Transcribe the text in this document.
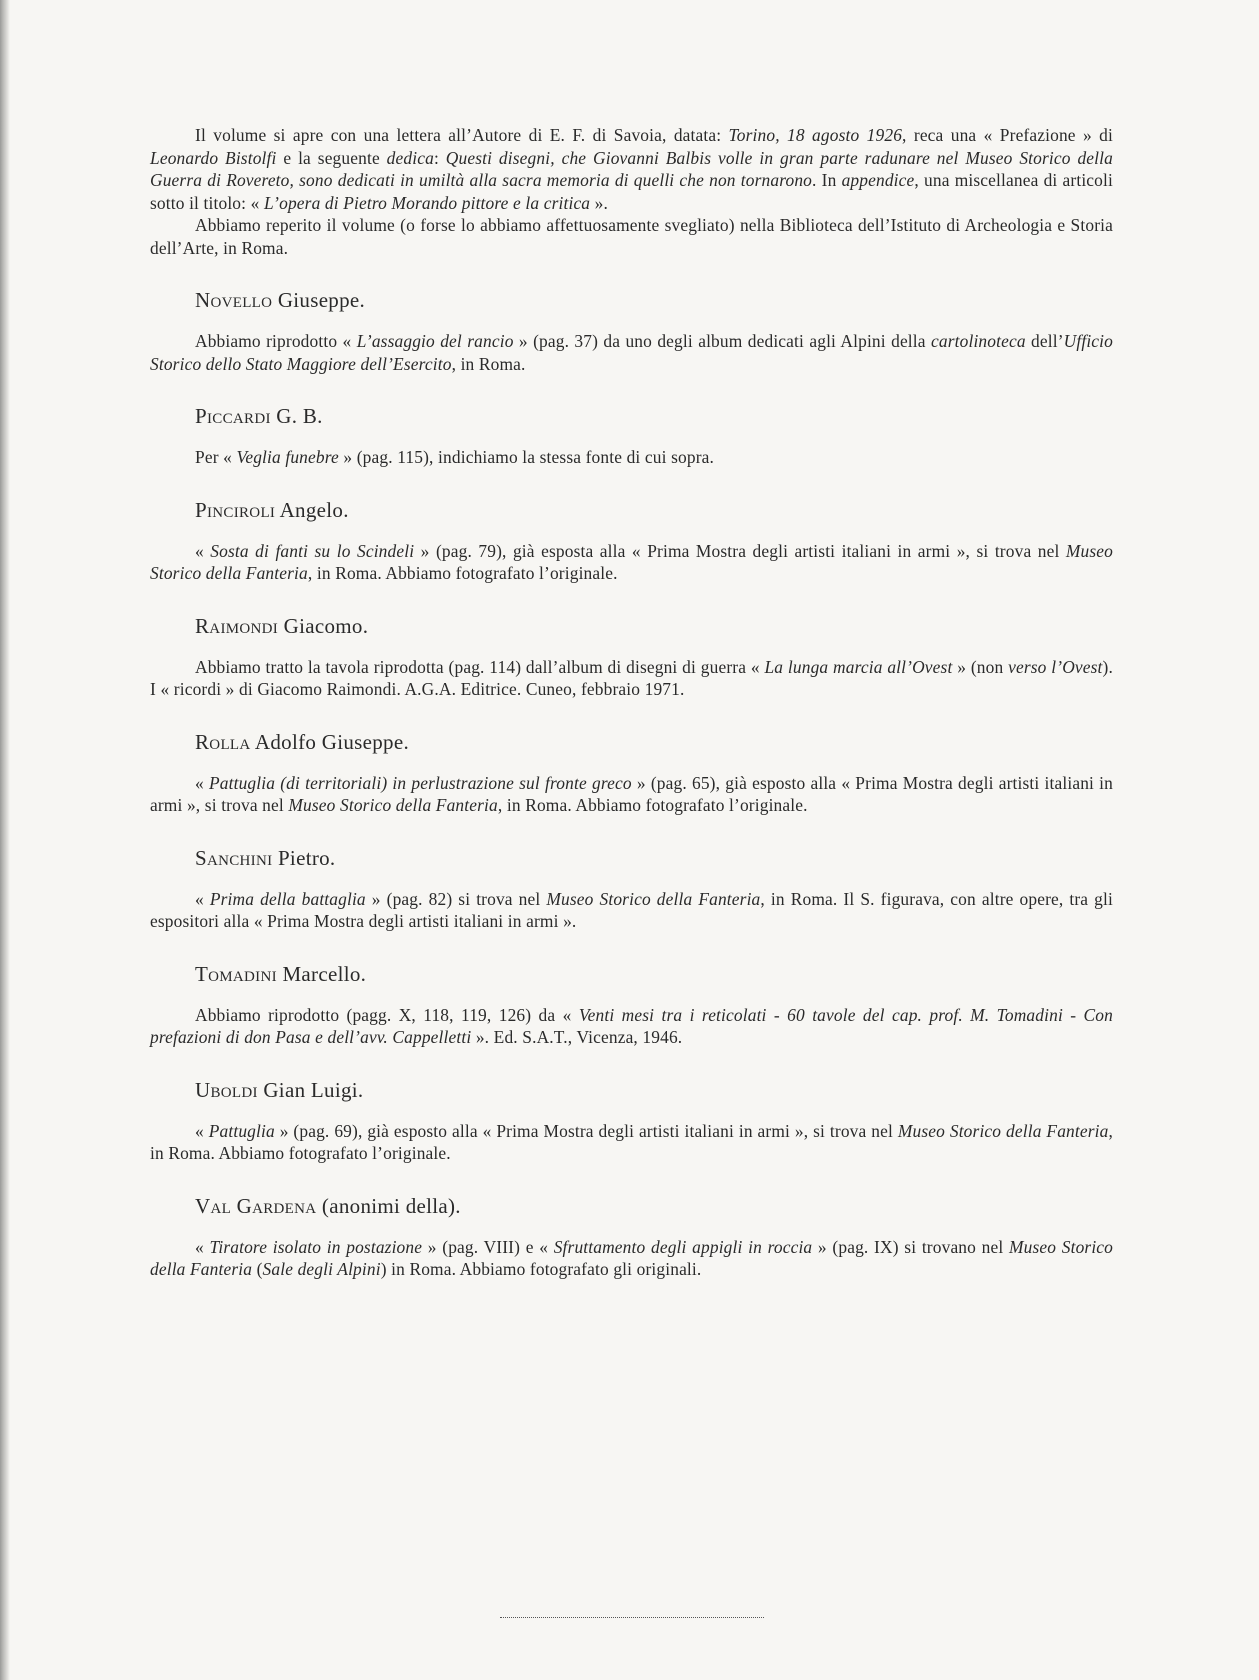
Il volume si apre con una lettera all’Autore di E. F. di Savoia, datata: Torino, 18 agosto 1926, reca una « Prefazione » di Leonardo Bistolfi e la seguente dedica: Questi disegni, che Giovanni Balbis volle in gran parte radunare nel Museo Storico della Guerra di Rovereto, sono dedicati in umiltà alla sacra memoria di quelli che non tornarono. In appendice, una miscellanea di articoli sotto il titolo: « L’opera di Pietro Morando pittore e la critica ».

Abbiamo reperito il volume (o forse lo abbiamo affettuosamente svegliato) nella Biblioteca dell’Istituto di Archeologia e Storia dell’Arte, in Roma.

Novello Giuseppe.

Abbiamo riprodotto « L’assaggio del rancio » (pag. 37) da uno degli album dedicati agli Alpini della cartolinoteca dell’Ufficio Storico dello Stato Maggiore dell’Esercito, in Roma.

Piccardi G. B.

Per « Veglia funebre » (pag. 115), indichiamo la stessa fonte di cui sopra.

Pinciroli Angelo.

« Sosta di fanti su lo Scindeli » (pag. 79), già esposta alla « Prima Mostra degli artisti italiani in armi », si trova nel Museo Storico della Fanteria, in Roma. Abbiamo fotografato l’originale.

Raimondi Giacomo.

Abbiamo tratto la tavola riprodotta (pag. 114) dall’album di disegni di guerra « La lunga marcia all’Ovest » (non verso l’Ovest). I « ricordi » di Giacomo Raimondi. A.G.A. Editrice. Cuneo, febbraio 1971.

Rolla Adolfo Giuseppe.

« Pattuglia (di territoriali) in perlustrazione sul fronte greco » (pag. 65), già esposto alla « Prima Mostra degli artisti italiani in armi », si trova nel Museo Storico della Fanteria, in Roma. Abbiamo fotografato l’originale.

Sanchini Pietro.

« Prima della battaglia » (pag. 82) si trova nel Museo Storico della Fanteria, in Roma. Il S. figurava, con altre opere, tra gli espositori alla « Prima Mostra degli artisti italiani in armi ».

Tomadini Marcello.

Abbiamo riprodotto (pagg. X, 118, 119, 126) da « Venti mesi tra i reticolati - 60 tavole del cap. prof. M. Tomadini - Con prefazioni di don Pasa e dell’avv. Cappelletti ». Ed. S.A.T., Vicenza, 1946.

Uboldi Gian Luigi.

« Pattuglia » (pag. 69), già esposto alla « Prima Mostra degli artisti italiani in armi », si trova nel Museo Storico della Fanteria, in Roma. Abbiamo fotografato l’originale.

Val Gardena (anonimi della).

« Tiratore isolato in postazione » (pag. VIII) e « Sfruttamento degli appigli in roccia » (pag. IX) si trovano nel Museo Storico della Fanteria (Sale degli Alpini) in Roma. Abbiamo fotografato gli originali.
